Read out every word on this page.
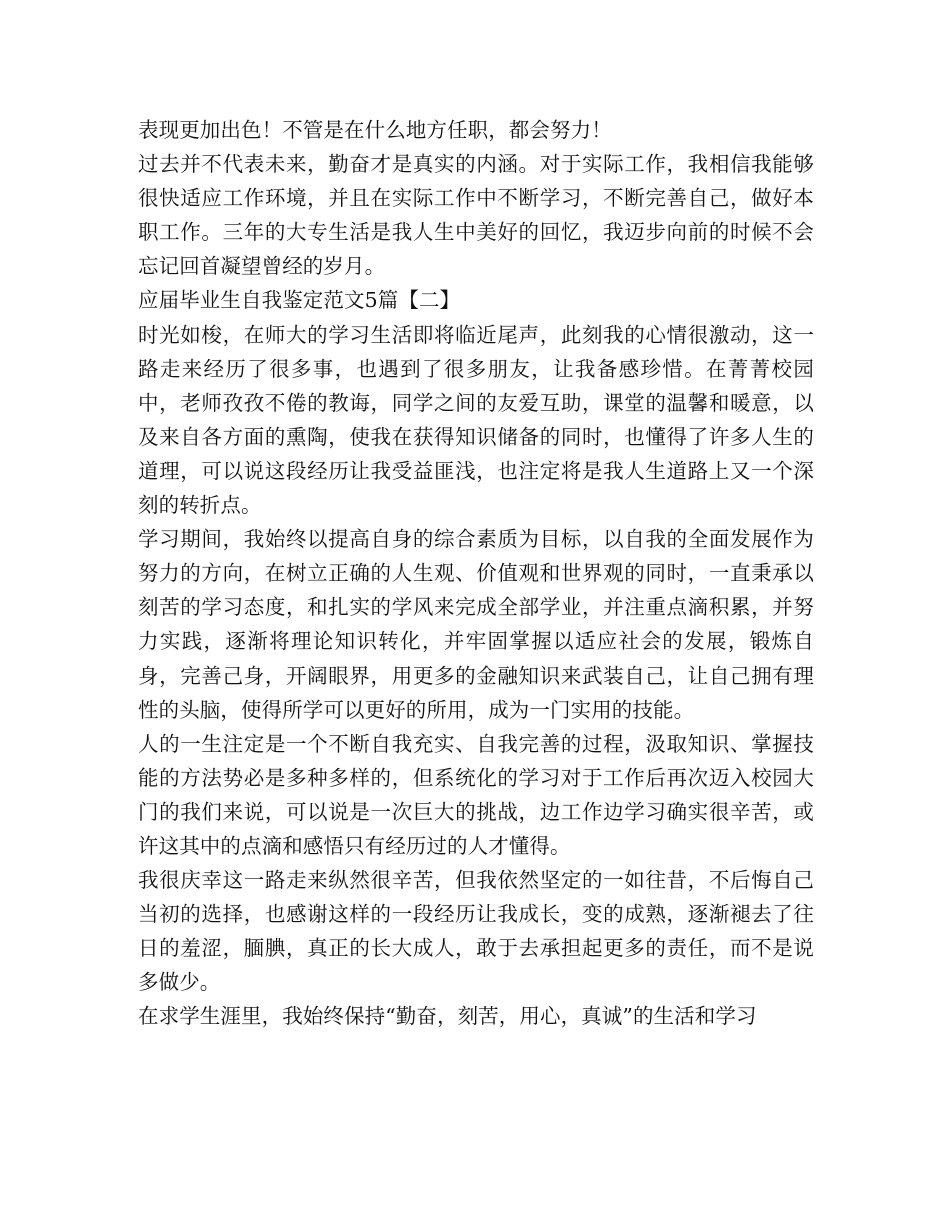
表现更加出色！不管是在什么地方任职，都会努力！

过去并不代表未来，勤奋才是真实的内涵。对于实际工作，我相信我能够很快适应工作环境，并且在实际工作中不断学习，不断完善自己，做好本职工作。三年的大专生活是我人生中美好的回忆，我迈步向前的时候不会忘记回首凝望曾经的岁月。

应届毕业生自我鉴定范文5篇【二】

时光如梭，在师大的学习生活即将临近尾声，此刻我的心情很激动，这一路走来经历了很多事，也遇到了很多朋友，让我备感珍惜。在菁菁校园中，老师孜孜不倦的教诲，同学之间的友爱互助，课堂的温馨和暖意，以及来自各方面的熏陶，使我在获得知识储备的同时，也懂得了许多人生的道理，可以说这段经历让我受益匪浅，也注定将是我人生道路上又一个深刻的转折点。

学习期间，我始终以提高自身的综合素质为目标，以自我的全面发展作为努力的方向，在树立正确的人生观、价值观和世界观的同时，一直秉承以刻苦的学习态度，和扎实的学风来完成全部学业，并注重点滴积累，并努力实践，逐渐将理论知识转化，并牢固掌握以适应社会的发展，锻炼自身，完善己身，开阔眼界，用更多的金融知识来武装自己，让自己拥有理性的头脑，使得所学可以更好的所用，成为一门实用的技能。

人的一生注定是一个不断自我充实、自我完善的过程，汲取知识、掌握技能的方法势必是多种多样的，但系统化的学习对于工作后再次迈入校园大门的我们来说，可以说是一次巨大的挑战，边工作边学习确实很辛苦，或许这其中的点滴和感悟只有经历过的人才懂得。

我很庆幸这一路走来纵然很辛苦，但我依然坚定的一如往昔，不后悔自己当初的选择，也感谢这样的一段经历让我成长，变的成熟，逐渐褪去了往日的羞涩，腼腆，真正的长大成人，敢于去承担起更多的责任，而不是说多做少。

在求学生涯里，我始终保持“勤奋，刻苦，用心，真诚”的生活和学习
